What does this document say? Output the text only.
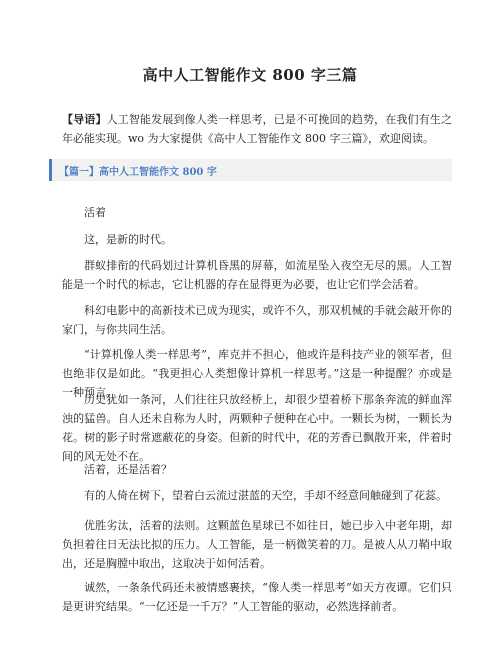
高中人工智能作文 800 字三篇
【导语】人工智能发展到像人类一样思考，已是不可挽回的趋势，在我们有生之年必能实现。wo 为大家提供《高中人工智能作文 800 字三篇》，欢迎阅读。
【篇一】高中人工智能作文 800 字

活着

这，是新的时代。

群蚁排衔的代码划过计算机昏黑的屏幕，如流星坠入夜空无尽的黑。人工智能是一个时代的标志，它让机器的存在显得更为必要，也让它们学会活着。

科幻电影中的高新技术已成为现实，或许不久，那双机械的手就会敲开你的家门，与你共同生活。

“计算机像人类一样思考”，库克并不担心，他或许是科技产业的领军者，但也绝非仅是如此。“我更担心人类想像计算机一样思考。”这是一种提醒？亦或是一种预言。

历史犹如一条河，人们往往只放经桥上，却很少望着桥下那条奔流的鲜血浑浊的猛兽。自人还未自称为人时，两颗种子便种在心中。一颗长为树，一颗长为花。树的影子时常遮蔽花的身姿。但新的时代中，花的芳香已飘散开来，伴着时间的风无处不在。

活着，还是活着？

有的人倚在树下，望着白云流过湛蓝的天空，手却不经意间触碰到了花蕊。

优胜劣汰，活着的法则。这颗蓝色星球已不如往日，她已步入中老年期，却负担着往日无法比拟的压力。人工智能，是一柄微笑着的刀。是被人从刀鞘中取出，还是胸膛中取出，这取决于如何活着。

诚然，一条条代码还未被情感裹挟，“像人类一样思考”如天方夜谭。它们只是更讲究结果。“一亿还是一千万？”人工智能的驱动，必然选择前者。
